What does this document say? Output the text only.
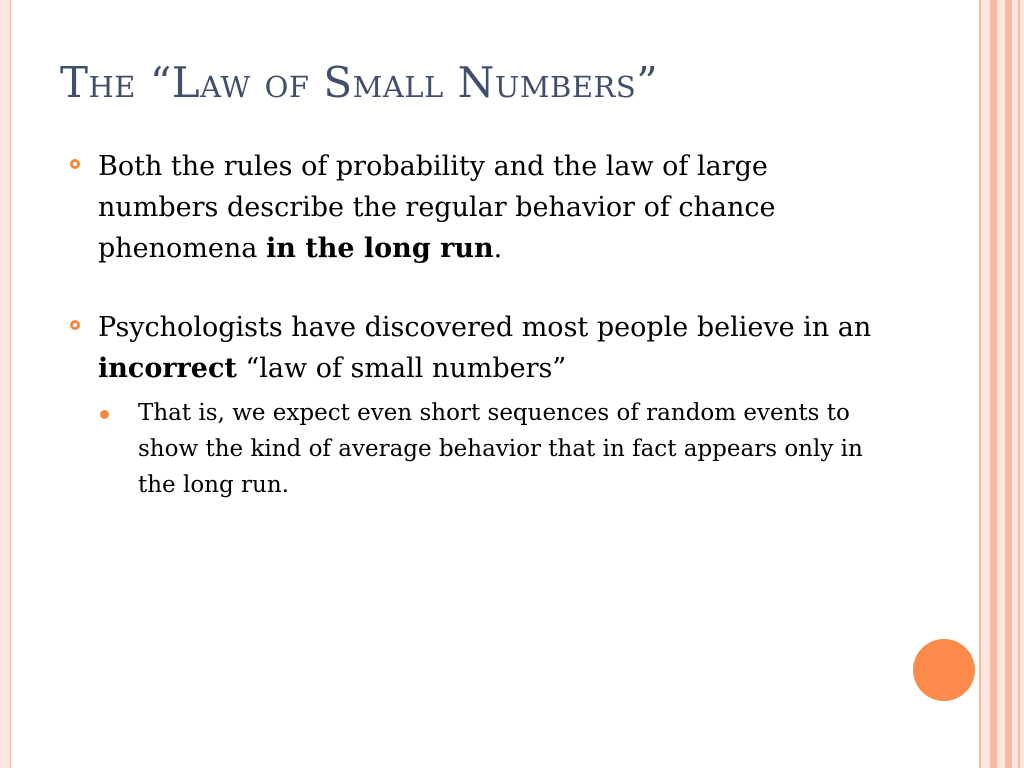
The “Law of Small Numbers”
Both the rules of probability and the law of large numbers describe the regular behavior of chance phenomena in the long run.
Psychologists have discovered most people believe in an incorrect “law of small numbers”
That is, we expect even short sequences of random events to show the kind of average behavior that in fact appears only in the long run.
